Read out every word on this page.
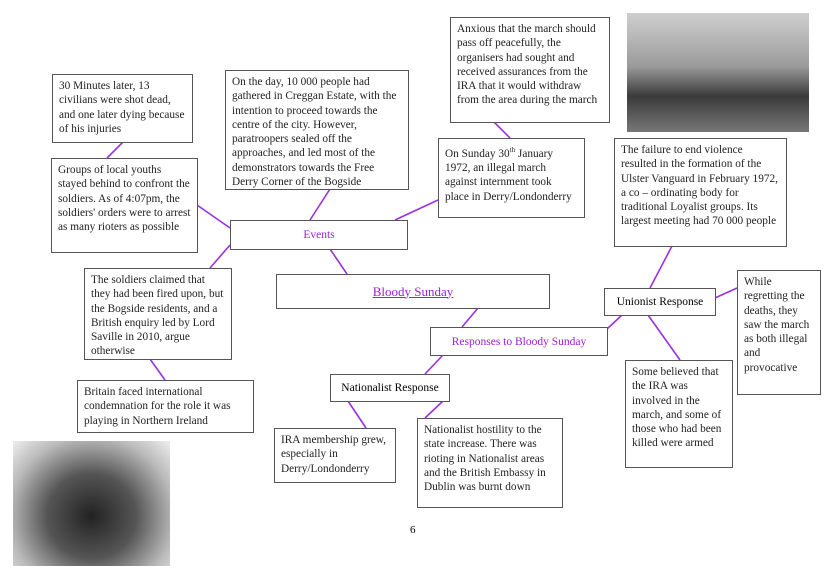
30 Minutes later, 13 civilians were shot dead, and one later dying because of his injuries
On the day, 10 000 people had gathered in Creggan Estate, with the intention to proceed towards the centre of the city. However, paratroopers sealed off the approaches, and led most of the demonstrators towards the Free Derry Corner of the Bogside
Anxious that the march should pass off peacefully, the organisers had sought and received assurances from the IRA that it would withdraw from the area during the march
Groups of local youths stayed behind to confront the soldiers. As of 4:07pm, the soldiers' orders were to arrest as many rioters as possible
On Sunday 30th January 1972, an illegal march against internment took place in Derry/Londonderry
The failure to end violence resulted in the formation of the Ulster Vanguard in February 1972, a co – ordinating body for traditional Loyalist groups. Its largest meeting had 70 000 people
The soldiers claimed that they had been fired upon, but the Bogside residents, and a British enquiry led by Lord Saville in 2010, argue otherwise
While regretting the deaths, they saw the march as both illegal and provocative
Britain faced international condemnation for the role it was playing in Northern Ireland
Some believed that the IRA was involved in the march, and some of those who had been killed were armed
IRA membership grew, especially in Derry/Londonderry
Nationalist hostility to the state increase. There was rioting in Nationalist areas and the British Embassy in Dublin was burnt down
Events
Bloody Sunday
Unionist Response
Responses to Bloody Sunday
Nationalist Response
6
